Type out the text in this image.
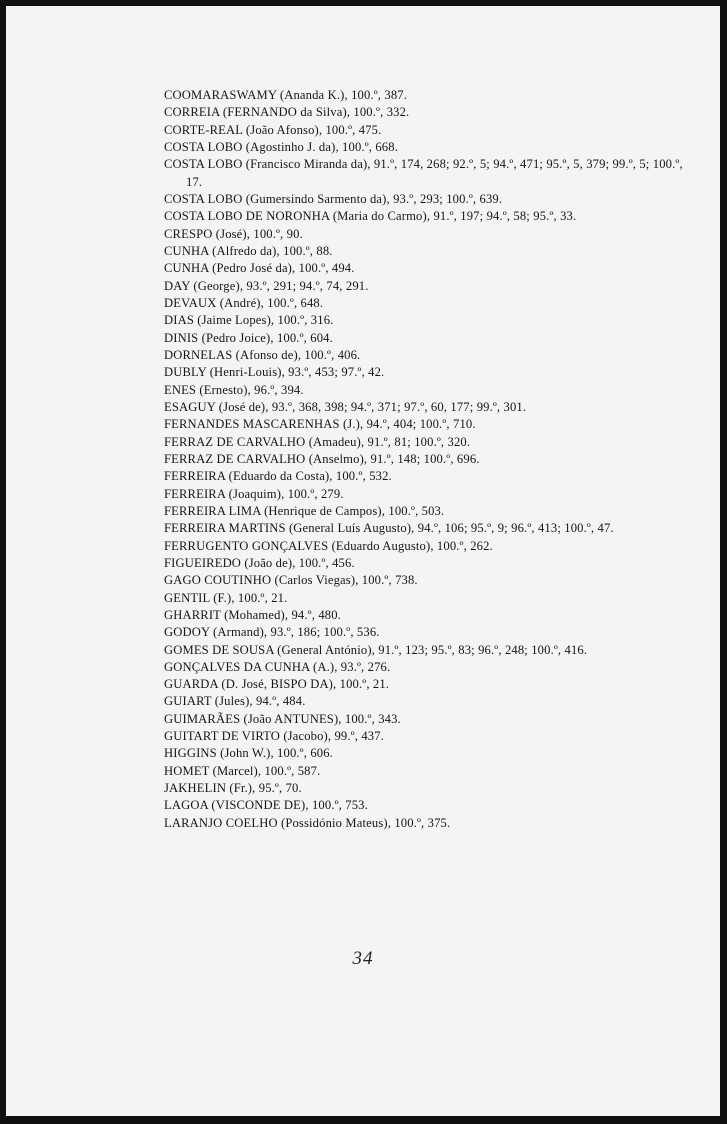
COOMARASWAMY (Ananda K.), 100.º, 387.
CORREIA (FERNANDO da Silva), 100.º, 332.
CORTE-REAL (João Afonso), 100.º, 475.
COSTA LOBO (Agostinho J. da), 100.º, 668.
COSTA LOBO (Francisco Miranda da), 91.º, 174, 268; 92.º, 5; 94.º, 471; 95.º, 5, 379; 99.º, 5; 100.º, 17.
COSTA LOBO (Gumersindo Sarmento da), 93.º, 293; 100.º, 639.
COSTA LOBO DE NORONHA (Maria do Carmo), 91.º, 197; 94.º, 58; 95.º, 33.
CRESPO (José), 100.º, 90.
CUNHA (Alfredo da), 100.º, 88.
CUNHA (Pedro José da), 100.º, 494.
DAY (George), 93.º, 291; 94.º, 74, 291.
DEVAUX (André), 100.º, 648.
DIAS (Jaime Lopes), 100.º, 316.
DINIS (Pedro Joice), 100.º, 604.
DORNELAS (Afonso de), 100.º, 406.
DUBLY (Henri-Louis), 93.º, 453; 97.º, 42.
ENES (Ernesto), 96.º, 394.
ESAGUY (José de), 93.º, 368, 398; 94.º, 371; 97.º, 60, 177; 99.º, 301.
FERNANDES MASCARENHAS (J.), 94.º, 404; 100.º, 710.
FERRAZ DE CARVALHO (Amadeu), 91.º, 81; 100.º, 320.
FERRAZ DE CARVALHO (Anselmo), 91.º, 148; 100.º, 696.
FERREIRA (Eduardo da Costa), 100.º, 532.
FERREIRA (Joaquim), 100.º, 279.
FERREIRA LIMA (Henrique de Campos), 100.º, 503.
FERREIRA MARTINS (General Luís Augusto), 94.º, 106; 95.º, 9; 96.º, 413; 100.º, 47.
FERRUGENTO GONÇALVES (Eduardo Augusto), 100.º, 262.
FIGUEIREDO (João de), 100.º, 456.
GAGO COUTINHO (Carlos Viegas), 100.º, 738.
GENTIL (F.), 100.º, 21.
GHARRIT (Mohamed), 94.º, 480.
GODOY (Armand), 93.º, 186; 100.º, 536.
GOMES DE SOUSA (General António), 91.º, 123; 95.º, 83; 96.º, 248; 100.º, 416.
GONÇALVES DA CUNHA (A.), 93.º, 276.
GUARDA (D. José, BISPO DA), 100.º, 21.
GUIART (Jules), 94.º, 484.
GUIMARÃES (João ANTUNES), 100.º, 343.
GUITART DE VIRTO (Jacobo), 99.º, 437.
HIGGINS (John W.), 100.º, 606.
HOMET (Marcel), 100.º, 587.
JAKHELIN (Fr.), 95.º, 70.
LAGOA (VISCONDE DE), 100.º, 753.
LARANJO COELHO (Possidónio Mateus), 100.º, 375.
34
